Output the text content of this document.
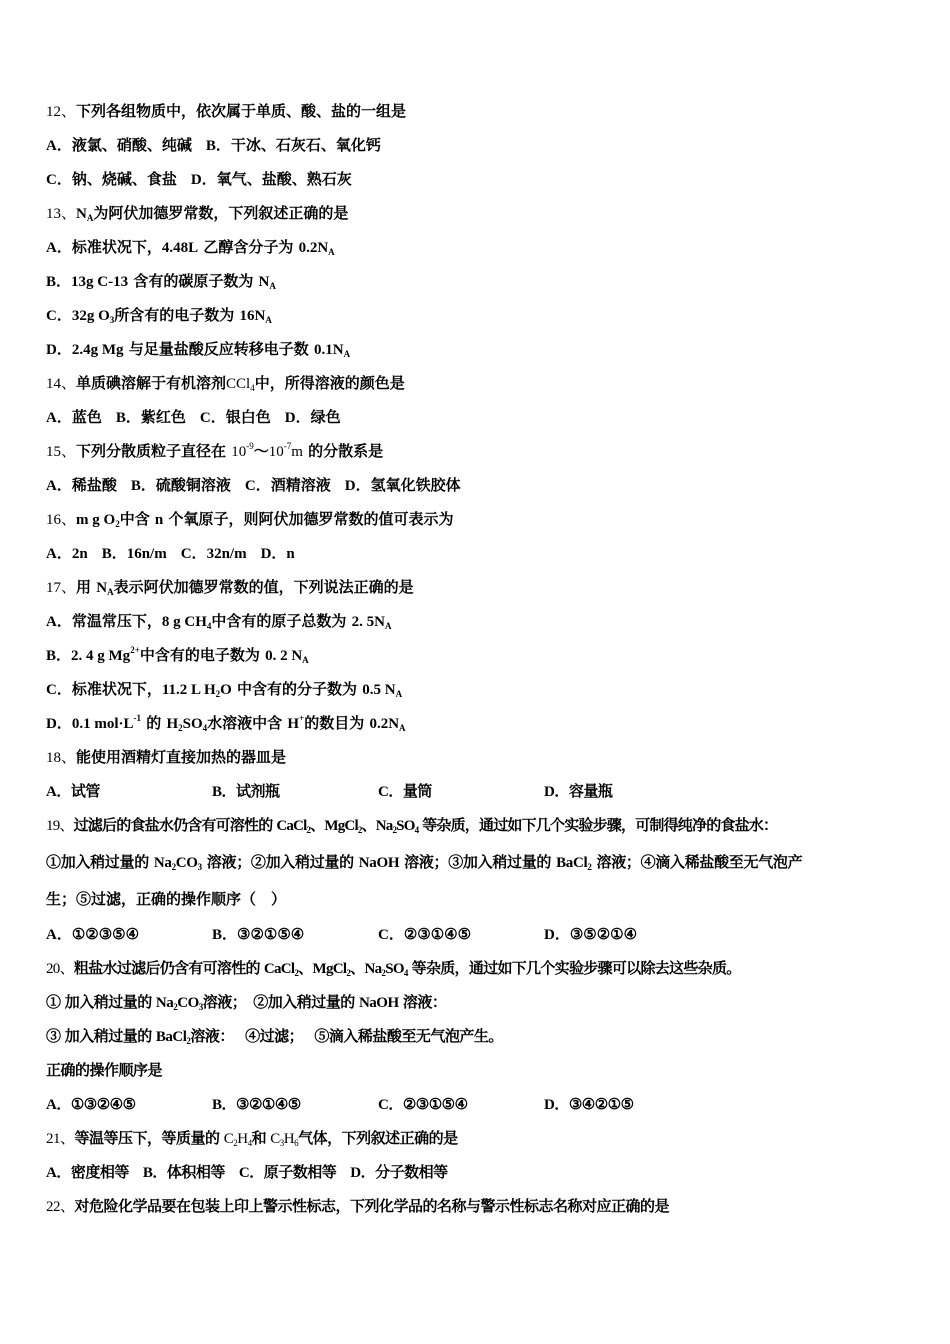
12、下列各组物质中，依次属于单质、酸、盐的一组是
A．液氯、硝酸、纯碱 B．干冰、石灰石、氧化钙
C．钠、烧碱、食盐 D．氧气、盐酸、熟石灰
13、$N_A$为阿伏加德罗常数，下列叙述正确的是
A．标准状况下，4.48L 乙醇含分子为 $0.2N_A$
B．13g C-13 含有的碳原子数为 $N_A$
C．32g $O_3$所含有的电子数为 $16N_A$
D．2.4g Mg 与足量盐酸反应转移电子数 $0.1N_A$
14、单质碘溶解于有机溶剂CCl$_4$中，所得溶液的颜色是
A．蓝色 B．紫红色 C．银白色 D．绿色
15、下列分散质粒子直径在 $10^{-9}\sim 10^{-7}m$ 的分散系是
A．稀盐酸 B．硫酸铜溶液 C．酒精溶液 D．氢氧化铁胶体
16、m g $O_2$中含 n 个氧原子，则阿伏加德罗常数的值可表示为
A．2n B．16n/m C．32n/m D．n
17、用 $N_A$表示阿伏加德罗常数的值，下列说法正确的是
A．常温常压下，8 g $CH_4$中含有的原子总数为 2. $5N_A$
B．2. 4 g $Mg^{2+}$中含有的电子数为 0. 2 $N_A$
C．标准状况下，11.2 L $H_2O$ 中含有的分子数为 0.5 $N_A$
D．0.1 $mol\cdot L^{-1}$ 的 $H_2SO_4$水溶液中含 H+的数目为 $0.2N_A$
18、能使用酒精灯直接加热的器皿是
A．试管	B．试剂瓶	C．量筒	D．容量瓶
19、过滤后的食盐水仍含有可溶性的 CaCl$_2$、MgCl$_2$、$Na_2SO_4$ 等杂质，通过如下几个实验步骤，可制得纯净的食盐水：
①加入稍过量的 $Na_2CO_3$ 溶液；②加入稍过量的 NaOH 溶液；③加入稍过量的 BaCl$_2$ 溶液；④滴入稀盐酸至无气泡产
生；⑤过滤，正确的操作顺序（　）
A．①②③⑤④	B．③②①⑤④	C．②③①④⑤	D．③⑤②①④
20、粗盐水过滤后仍含有可溶性的 CaCl$_2$、MgCl$_2$、$Na_2SO_4$ 等杂质，通过如下几个实验步骤可以除去这些杂质。
① 加入稍过量的 $Na_2CO_3$溶液；　②加入稍过量的 NaOH 溶液：
③ 加入稍过量的 BaCl$_2$溶液：　 ④过滤；　 ⑤滴入稀盐酸至无气泡产生。
正确的操作顺序是
A．①③②④⑤	B．③②①④⑤	C．②③①⑤④	D．③④②①⑤
21、等温等压下，等质量的 $C_2H_4$和 $C_3H_6$气体，下列叙述正确的是
A．密度相等 B．体积相等 C．原子数相等 D．分子数相等
22、对危险化学品要在包装上印上警示性标志，下列化学品的名称与警示性标志名称对应正确的是
